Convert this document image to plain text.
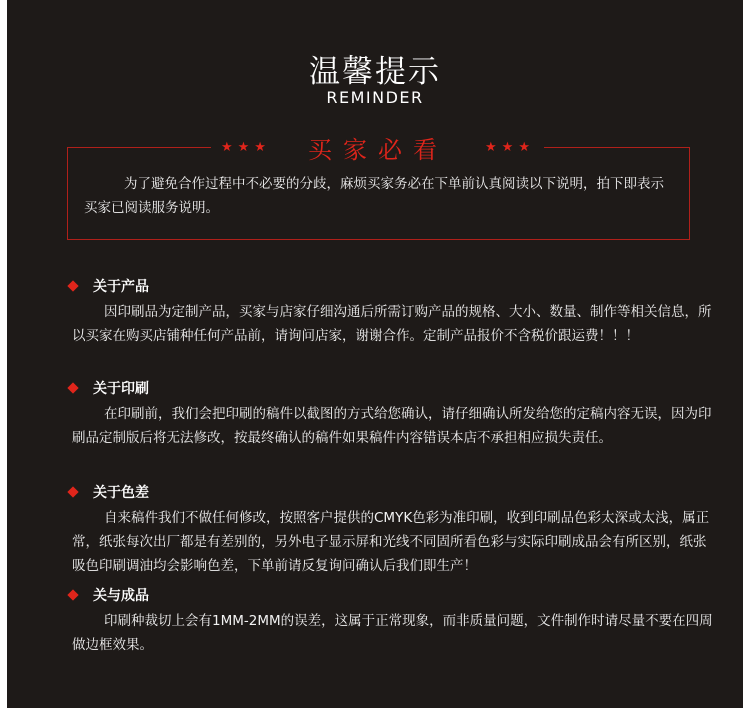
温馨提示
REMINDER
★★★ 买家必看	★★★
为了避免合作过程中不必要的分歧，麻烦买家务必在下单前认真阅读以下说明，拍下即表示买家已阅读服务说明。
关于产品
因印刷品为定制产品，买家与店家仔细沟通后所需订购产品的规格、大小、数量、制作等相关信息，所以买家在购买店铺种任何产品前，请询问店家，谢谢合作。定制产品报价不含税价跟运费！！！
关于印刷
在印刷前，我们会把印刷的稿件以截图的方式给您确认，请仔细确认所发给您的定稿内容无误，因为印刷品定制版后将无法修改，按最终确认的稿件如果稿件内容错误本店不承担相应损失责任。
关于色差
自来稿件我们不做任何修改，按照客户提供的CMYK色彩为准印刷，收到印刷品色彩太深或太浅，属正常，纸张每次出厂都是有差别的，另外电子显示屏和光线不同固所看色彩与实际印刷成品会有所区别，纸张吸色印刷调油均会影响色差，下单前请反复询问确认后我们即生产！
关与成品
印刷种裁切上会有1MM-2MM的误差，这属于正常现象，而非质量问题，文件制作时请尽量不要在四周做边框效果。
